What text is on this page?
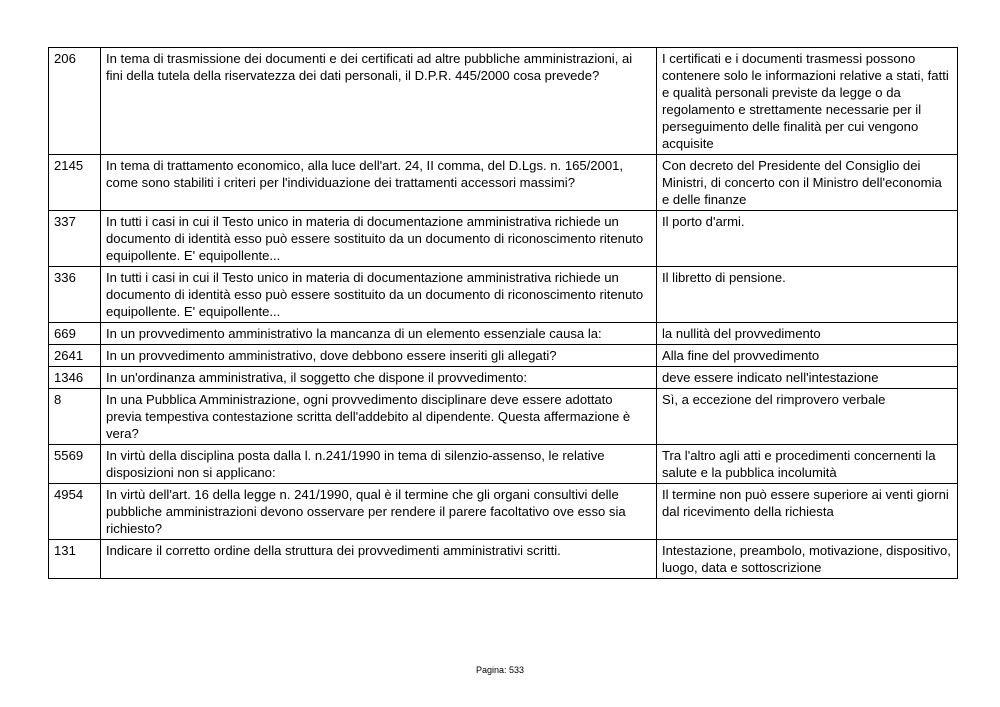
206	In tema di trasmissione dei documenti e dei certificati ad altre pubbliche amministrazioni, ai fini della tutela della riservatezza dei dati personali, il D.P.R. 445/2000 cosa prevede?	I certificati e i documenti trasmessi possono contenere solo le informazioni relative a stati, fatti e qualità personali previste da legge o da regolamento e strettamente necessarie per il perseguimento delle finalità per cui vengono acquisite
2145	In tema di trattamento economico, alla luce dell'art. 24, II comma, del D.Lgs. n. 165/2001, come sono stabiliti i criteri per l'individuazione dei trattamenti accessori massimi?	Con decreto del Presidente del Consiglio dei Ministri, di concerto con il Ministro dell'economia e delle finanze
337	In tutti i casi in cui il Testo unico in materia di documentazione amministrativa richiede un documento di identità esso può essere sostituito da un documento di riconoscimento ritenuto equipollente. E' equipollente...	Il porto d'armi.
336	In tutti i casi in cui il Testo unico in materia di documentazione amministrativa richiede un documento di identità esso può essere sostituito da un documento di riconoscimento ritenuto equipollente. E' equipollente...	Il libretto di pensione.
669	In un provvedimento amministrativo la mancanza di un elemento essenziale causa la:	la nullità del provvedimento
2641	In un provvedimento amministrativo, dove debbono essere inseriti gli allegati?	Alla fine del provvedimento
1346	In un'ordinanza amministrativa, il soggetto che dispone il provvedimento:	deve essere indicato nell'intestazione
8	In una Pubblica Amministrazione, ogni provvedimento disciplinare deve essere adottato previa tempestiva contestazione scritta dell'addebito al dipendente. Questa affermazione è vera?	Sì, a eccezione del rimprovero verbale
5569	In virtù della disciplina posta dalla l. n.241/1990 in tema di silenzio-assenso, le relative disposizioni non si applicano:	Tra l'altro agli atti e procedimenti concernenti la salute e la pubblica incolumità
4954	In virtù dell'art. 16 della legge n. 241/1990, qual è il termine che gli organi consultivi delle pubbliche amministrazioni devono osservare per rendere il parere facoltativo ove esso sia richiesto?	Il termine non può essere superiore ai venti giorni dal ricevimento della richiesta
131	Indicare il corretto ordine della struttura dei provvedimenti amministrativi scritti.	Intestazione, preambolo, motivazione, dispositivo, luogo, data e sottoscrizione
Pagina: 533
